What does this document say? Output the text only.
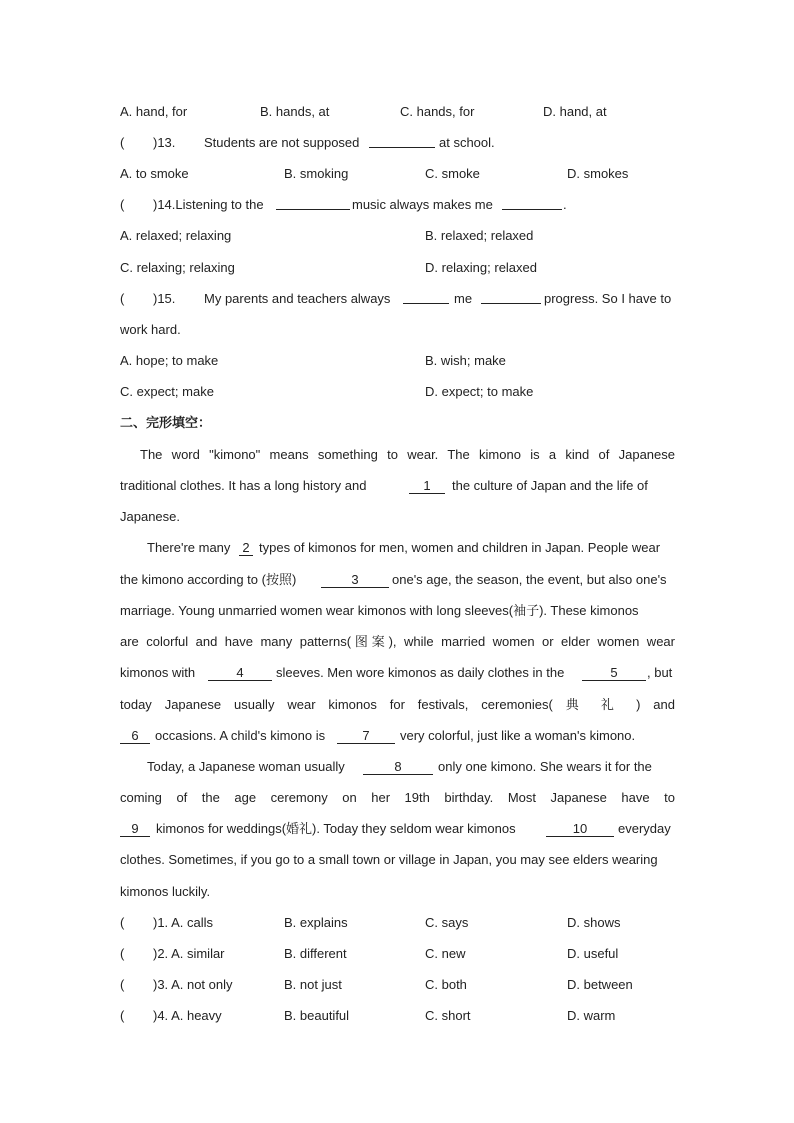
A. hand, for	B. hands, at	C. hands, for	D. hand, at
( )13. Students are not supposed	at school.
A. to smoke	B. smoking	C. smoke	D. smokes
( )14.Listening to the	music always makes me	.
A. relaxed; relaxing	B. relaxed; relaxed
C. relaxing; relaxing	D. relaxing; relaxed
( )15. My parents and teachers always	me	progress. So I have to
work hard.
A. hope; to make	B. wish; make
C. expect; make	D. expect; to make
二、完形填空：
The word "kimono" means something to wear. The kimono is a kind of Japanese
traditional clothes. It has a long history and	1	the culture of Japan and the life of
Japanese.
There're many 2 types of kimonos for men, women and children in Japan. People wear
the kimono according to (按照)	3	one's age, the season, the event, but also one's
marriage. Young unmarried women wear kimonos with long sleeves(袖子). These kimonos
are colorful and have many patterns(图案), while married women or elder women wear
kimonos with	4	sleeves. Men wore kimonos as daily clothes in the	5	, but
today Japanese usually wear kimonos for festivals, ceremonies( 典 礼 ) and
6	occasions. A child's kimono is	7	very colorful, just like a woman's kimono.
Today, a Japanese woman usually	8	only one kimono. She wears it for the
coming of the age ceremony on her 19th birthday. Most Japanese have to
9	kimonos for weddings(婚礼). Today they seldom wear kimonos	10	everyday
clothes. Sometimes, if you go to a small town or village in Japan, you may see elders wearing
kimonos luckily.
( )1. A. calls	B. explains	C. says	D. shows
( )2. A. similar	B. different	C. new	D. useful
( )3. A. not only	B. not just	C. both	D. between
( )4. A. heavy	B. beautiful	C. short	D. warm
